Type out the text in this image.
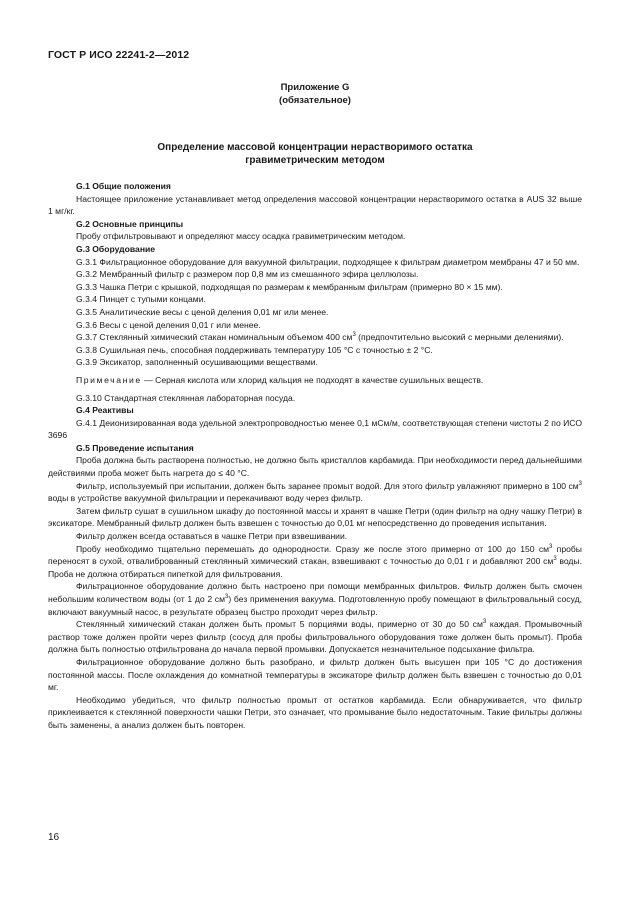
ГОСТ Р ИСО 22241-2—2012
Приложение G
(обязательное)
Определение массовой концентрации нерастворимого остатка
гравиметрическим методом

G.1 Общие положения

Настоящее приложение устанавливает метод определения массовой концентрации нерастворимого остатка в AUS 32 выше 1 мг/кг.

G.2 Основные принципы

Пробу отфильтровывают и определяют массу осадка гравиметрическим методом.

G.3 Оборудование

G.3.1 Фильтрационное оборудование для вакуумной фильтрации, подходящее к фильтрам диаметром мембраны 47 и 50 мм.

G.3.2 Мембранный фильтр с размером пор 0,8 мм из смешанного эфира целлюлозы.

G.3.3 Чашка Петри с крышкой, подходящая по размерам к мембранным фильтрам (примерно 80 × 15 мм).

G.3.4 Пинцет с тупыми концами.

G.3.5 Аналитические весы с ценой деления 0,01 мг или менее.

G.3.6 Весы с ценой деления 0,01 г или менее.

G.3.7 Стеклянный химический стакан номинальным объемом 400 $см^3$ (предпочтительно высокий с мерными делениями).

G.3.8 Сушильная печь, способная поддерживать температуру 105 °С с точностью ± 2 °С.

G.3.9 Эксикатор, заполненный осушивающими веществами.

Примечание — Серная кислота или хлорид кальция не подходят в качестве сушильных веществ.

G.3.10 Стандартная стеклянная лабораторная посуда.

G.4 Реактивы

G.4.1 Деионизированная вода удельной электропроводностью менее 0,1 мСм/м, соответствующая степени чистоты 2 по ИСО 3696

G.5 Проведение испытания

Проба должна быть растворена полностью, не должно быть кристаллов карбамида. При необходимости перед дальнейшими действиями проба может быть нагрета до ≤ 40 °С.

Фильтр, используемый при испытании, должен быть заранее промыт водой. Для этого фильтр увлажняют примерно в 100 $см^3$ воды в устройстве вакуумной фильтрации и перекачивают воду через фильтр.

Затем фильтр сушат в сушильном шкафу до постоянной массы и хранят в чашке Петри (один фильтр на одну чашку Петри) в эксикаторе. Мембранный фильтр должен быть взвешен с точностью до 0,01 мг непосредственно до проведения испытания.

Фильтр должен всегда оставаться в чашке Петри при взвешивании.

Пробу необходимо тщательно перемешать до однородности. Сразу же после этого примерно от 100 до 150 $см^3$ пробы переносят в сухой, отвалиброванный стеклянный химический стакан, взвешивают с точностью до 0,01 г и добавляют 200 $см^3$ воды. Проба не должна отбираться пипеткой для фильтрования.

Фильтрационное оборудование должно быть настроено при помощи мембранных фильтров. Фильтр должен быть смочен небольшим количеством воды (от 1 до 2 $см^3$) без применения вакуума. Подготовленную пробу помещают в фильтровальный сосуд, включают вакуумный насос, в результате образец быстро проходит через фильтр.

Стеклянный химический стакан должен быть промыт 5 порциями воды, примерно от 30 до 50 $см^3$ каждая. Промывочный раствор тоже должен пройти через фильтр (сосуд для пробы фильтровального оборудования тоже должен быть промыт). Проба должна быть полностью отфильтрована до начала первой промывки. Допускается незначительное подсыхание фильтра.

Фильтрационное оборудование должно быть разобрано, и фильтр должен быть высушен при 105 °С до достижения постоянной массы. После охлаждения до комнатной температуры в эксикаторе фильтр должен быть взвешен с точностью до 0,01 мг.

Необходимо убедиться, что фильтр полностью промыт от остатков карбамида. Если обнаруживается, что фильтр приклеивается к стеклянной поверхности чашки Петри, это означает, что промывание было недостаточным. Такие фильтры должны быть заменены, а анализ должен быть повторен.

16
